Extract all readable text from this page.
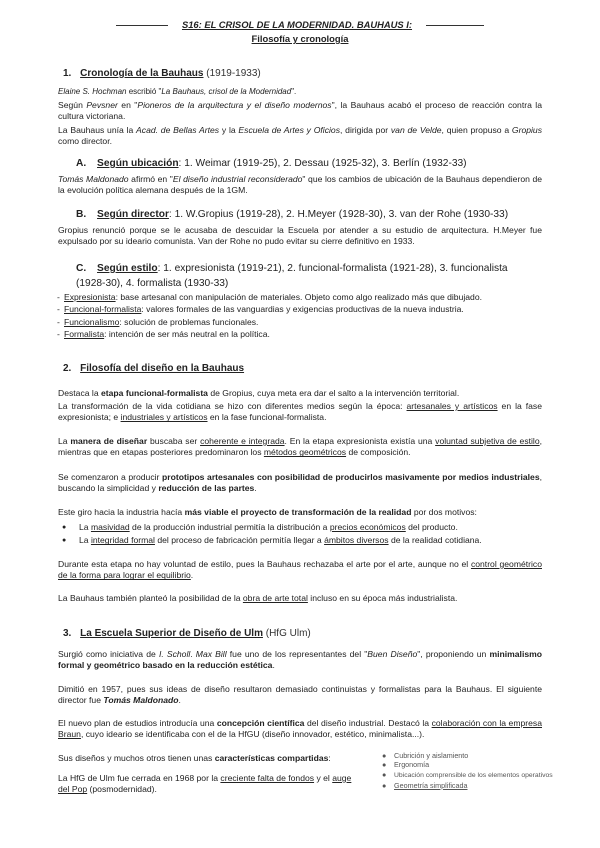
S16: EL CRISOL DE LA MODERNIDAD. BAUHAUS I:
Filosofía y cronología
1. Cronología de la Bauhaus (1919-1933)
Elaine S. Hochman escribió "La Bauhaus, crisol de la Modernidad".
Según Pevsner en "Pioneros de la arquitectura y el diseño modernos", la Bauhaus acabó el proceso de reacción contra la cultura victoriana.
La Bauhaus unía la Acad. de Bellas Artes y la Escuela de Artes y Oficios, dirigida por van de Velde, quien propuso a Gropius como director.
A. Según ubicación: 1. Weimar (1919-25), 2. Dessau (1925-32), 3. Berlín (1932-33)
Tomás Maldonado afirmó en "El diseño industrial reconsiderado" que los cambios de ubicación de la Bauhaus dependieron de la evolución política alemana después de la 1GM.
B. Según director: 1. W.Gropius (1919-28), 2. H.Meyer (1928-30), 3. van der Rohe (1930-33)
Gropius renunció porque se le acusaba de descuidar la Escuela por atender a su estudio de arquitectura. H.Meyer fue expulsado por su ideario comunista. Van der Rohe no pudo evitar su cierre definitivo en 1933.
C. Según estilo: 1. expresionista (1919-21), 2. funcional-formalista (1921-28), 3. funcionalista (1928-30), 4. formalista (1930-33)
- Expresionista: base artesanal con manipulación de materiales. Objeto como algo realizado más que dibujado.
- Funcional-formalista: valores formales de las vanguardias y exigencias productivas de la nueva industria.
- Funcionalismo: solución de problemas funcionales.
- Formalista: intención de ser más neutral en la política.
2. Filosofía del diseño en la Bauhaus
Destaca la etapa funcional-formalista de Gropius, cuya meta era dar el salto a la intervención territorial.
La transformación de la vida cotidiana se hizo con diferentes medios según la época: artesanales y artísticos en la fase expresionista; e industriales y artísticos en la fase funcional-formalista.
La manera de diseñar buscaba ser coherente e integrada. En la etapa expresionista existía una voluntad subjetiva de estilo, mientras que en etapas posteriores predominaron los métodos geométricos de composición.
Se comenzaron a producir prototipos artesanales con posibilidad de producirlos masivamente por medios industriales, buscando la simplicidad y reducción de las partes.
Este giro hacia la industria hacía más viable el proyecto de transformación de la realidad por dos motivos:
● La masividad de la producción industrial permitía la distribución a precios económicos del producto.
● La integridad formal del proceso de fabricación permitía llegar a ámbitos diversos de la realidad cotidiana.
Durante esta etapa no hay voluntad de estilo, pues la Bauhaus rechazaba el arte por el arte, aunque no el control geométrico de la forma para lograr el equilibrio.
La Bauhaus también planteó la posibilidad de la obra de arte total incluso en su época más industrialista.
3. La Escuela Superior de Diseño de Ulm (HfG Ulm)
Surgió como iniciativa de I. Scholl. Max Bill fue uno de los representantes del "Buen Diseño", proponiendo un minimalismo formal y geométrico basado en la reducción estética.
Dimitió en 1957, pues sus ideas de diseño resultaron demasiado continuistas y formalistas para la Bauhaus. El siguiente director fue Tomás Maldonado.
El nuevo plan de estudios introducía una concepción científica del diseño industrial. Destacó la colaboración con la empresa Braun, cuyo ideario se identificaba con el de la HfGU (diseño innovador, estético, minimalista...).
Sus diseños y muchos otros tienen unas características compartidas:
La HfG de Ulm fue cerrada en 1968 por la creciente falta de fondos y el auge del Pop (posmodernidad).
● Cubrición y aislamiento
● Ergonomía
● Ubicación comprensible de los elementos operativos
● Geometría simplificada
